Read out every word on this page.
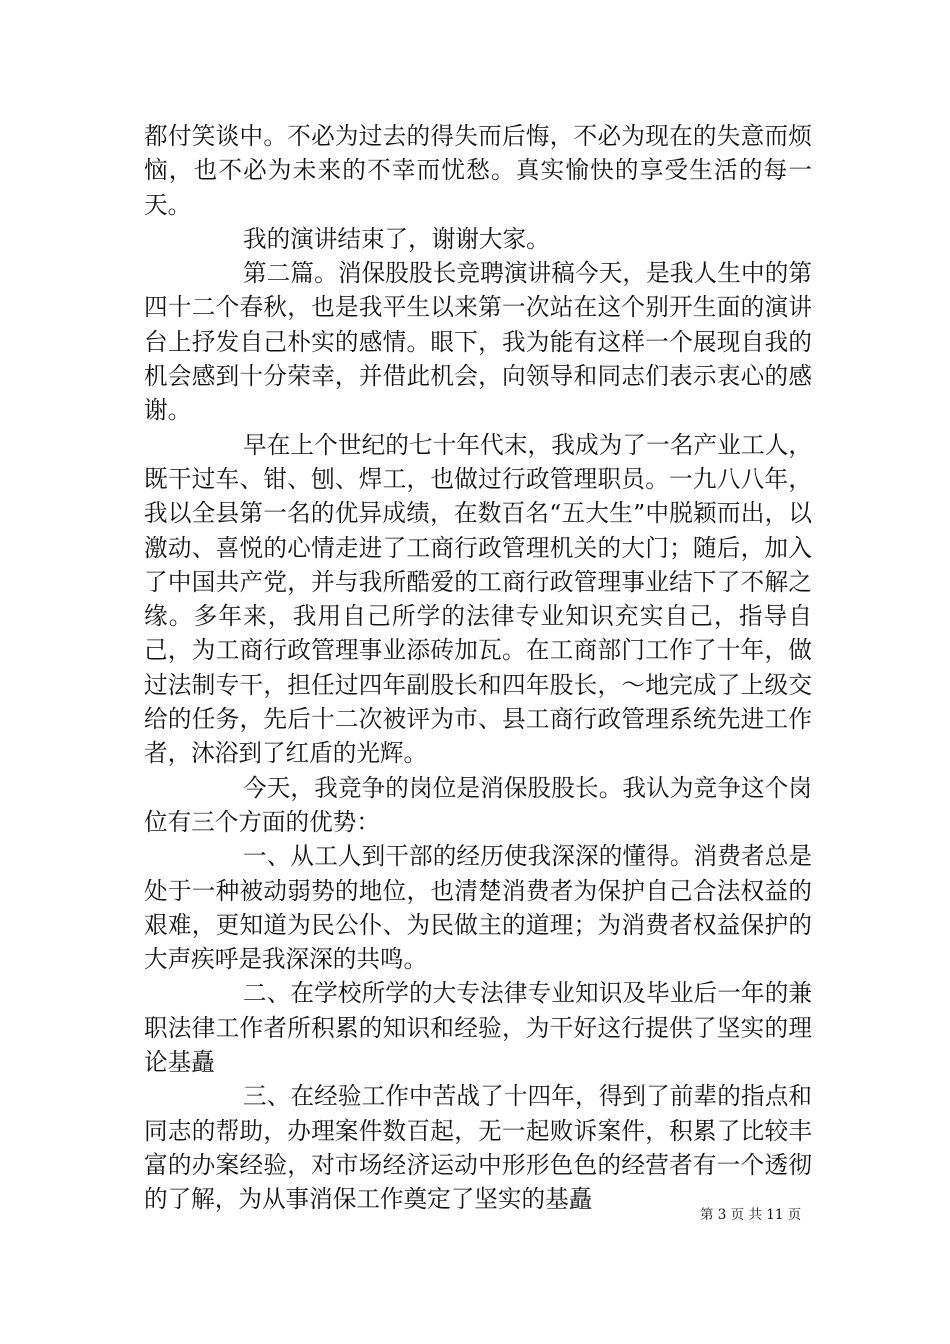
都付笑谈中。不必为过去的得失而后悔，不必为现在的失意而烦恼，也不必为未来的不幸而忧愁。真实愉快的享受生活的每一天。

我的演讲结束了，谢谢大家。

第二篇。消保股股长竞聘演讲稿今天，是我人生中的第四十二个春秋，也是我平生以来第一次站在这个别开生面的演讲台上抒发自己朴实的感情。眼下，我为能有这样一个展现自我的机会感到十分荣幸，并借此机会，向领导和同志们表示衷心的感谢。

早在上个世纪的七十年代末，我成为了一名产业工人，既干过车、钳、刨、焊工，也做过行政管理职员。一九八八年，我以全县第一名的优异成绩，在数百名“五大生”中脱颖而出，以激动、喜悦的心情走进了工商行政管理机关的大门；随后，加入了中国共产党，并与我所酷爱的工商行政管理事业结下了不解之缘。多年来，我用自己所学的法律专业知识充实自己，指导自己，为工商行政管理事业添砖加瓦。在工商部门工作了十年，做过法制专干，担任过四年副股长和四年股长，～地完成了上级交给的任务，先后十二次被评为市、县工商行政管理系统先进工作者，沐浴到了红盾的光辉。

今天，我竞争的岗位是消保股股长。我认为竞争这个岗位有三个方面的优势：

一、从工人到干部的经历使我深深的懂得。消费者总是处于一种被动弱势的地位，也清楚消费者为保护自己合法权益的艰难，更知道为民公仆、为民做主的道理；为消费者权益保护的大声疾呼是我深深的共鸣。

二、在学校所学的大专法律专业知识及毕业后一年的兼职法律工作者所积累的知识和经验，为干好这行提供了坚实的理论基矗

三、在经验工作中苦战了十四年，得到了前辈的指点和同志的帮助，办理案件数百起，无一起败诉案件，积累了比较丰富的办案经验，对市场经济运动中形形色色的经营者有一个透彻的了解，为从事消保工作奠定了坚实的基矗

第 3 页 共 11 页
